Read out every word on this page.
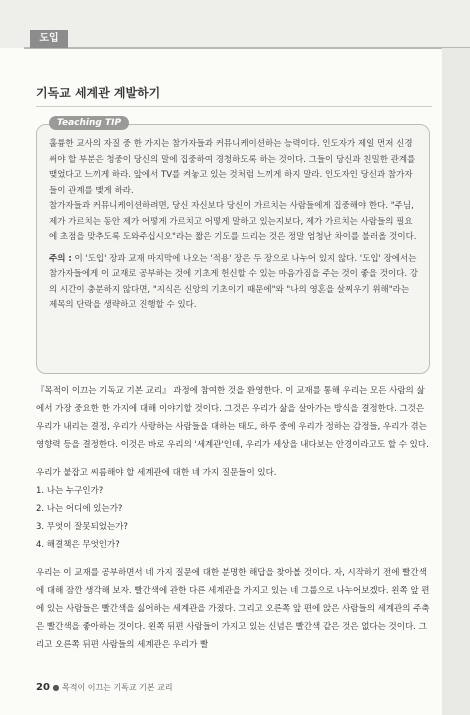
도입
기독교 세계관 계발하기
Teaching TIP

훌륭한 교사의 자질 중 한 가지는 참가자들과 커뮤니케이션하는 능력이다. 인도자가 제일 먼저 신경써야 할 부분은 청중이 당신의 말에 집중하여 경청하도록 하는 것이다. 그들이 당신과 친밀한 관계를 맺었다고 느끼게 하라. 앞에서 TV를 켜놓고 있는 것처럼 느끼게 하지 말라. 인도자인 당신과 참가자들이 관계를 맺게 하라.

참가자들과 커뮤니케이션하려면, 당신 자신보다 당신이 가르치는 사람들에게 집중해야 한다. "주님, 제가 가르치는 동안 제가 어떻게 가르치고 어떻게 말하고 있는지보다, 제가 가르치는 사람들의 필요에 초점을 맞추도록 도와주십시오"라는 짧은 기도를 드리는 것은 정말 엄청난 차이를 불러올 것이다.

주의 : 이 '도입' 장과 교재 마지막에 나오는 '적용' 장은 두 장으로 나누어 있지 않다. '도입' 장에서는 참가자들에게 이 교재로 공부하는 것에 기초게 헌신할 수 있는 마음가짐을 주는 것이 좋을 것이다. 강의 시간이 충분하지 않다면, "지식은 신앙의 기초이기 때문에"와 "나의 영혼을 살찌우기 위해"라는 제목의 단락을 생략하고 진행할 수 있다.

『목적이 이끄는 기독교 기본 교리』 과정에 참여한 것을 환영한다. 이 교재를 통해 우리는 모든 사람의 삶에서 가장 중요한 한 가지에 대해 이야기할 것이다. 그것은 우리가 삶을 살아가는 방식을 결정한다. 그것은 우리가 내리는 결정, 우리가 사랑하는 사람들을 대하는 태도, 하루 중에 우리가 정하는 감정들, 우리가 겪는 영향력 등을 결정한다. 이것은 바로 우리의 '세계관'인데, 우리가 세상을 내다보는 안경이라고도 할 수 있다.

우리가 붙잡고 씨름해야 할 세계관에 대한 네 가지 질문들이 있다.

1. 나는 누구인가?
2. 나는 어디에 있는가?
3. 무엇이 잘못되었는가?
4. 해결책은 무엇인가?

우리는 이 교재를 공부하면서 네 가지 질문에 대한 분명한 해답을 찾아볼 것이다. 자, 시작하기 전에 빨간색에 대해 잠깐 생각해 보자. 빨간색에 관한 다른 세계관을 가지고 있는 네 그룹으로 나누어보겠다. 왼쪽 앞 편에 있는 사람들은 빨간색을 싫어하는 세계관을 가졌다. 그리고 오른쪽 앞 편에 앉은 사람들의 세계관의 주축은 빨간색을 좋아하는 것이다. 왼쪽 뒤편 사람들이 가지고 있는 신념은 빨간색 같은 것은 없다는 것이다. 그리고 오른쪽 뒤편 사람들의 세계관은 우리가 빨

20 ● 목적이 이끄는 기독교 기본 교리
